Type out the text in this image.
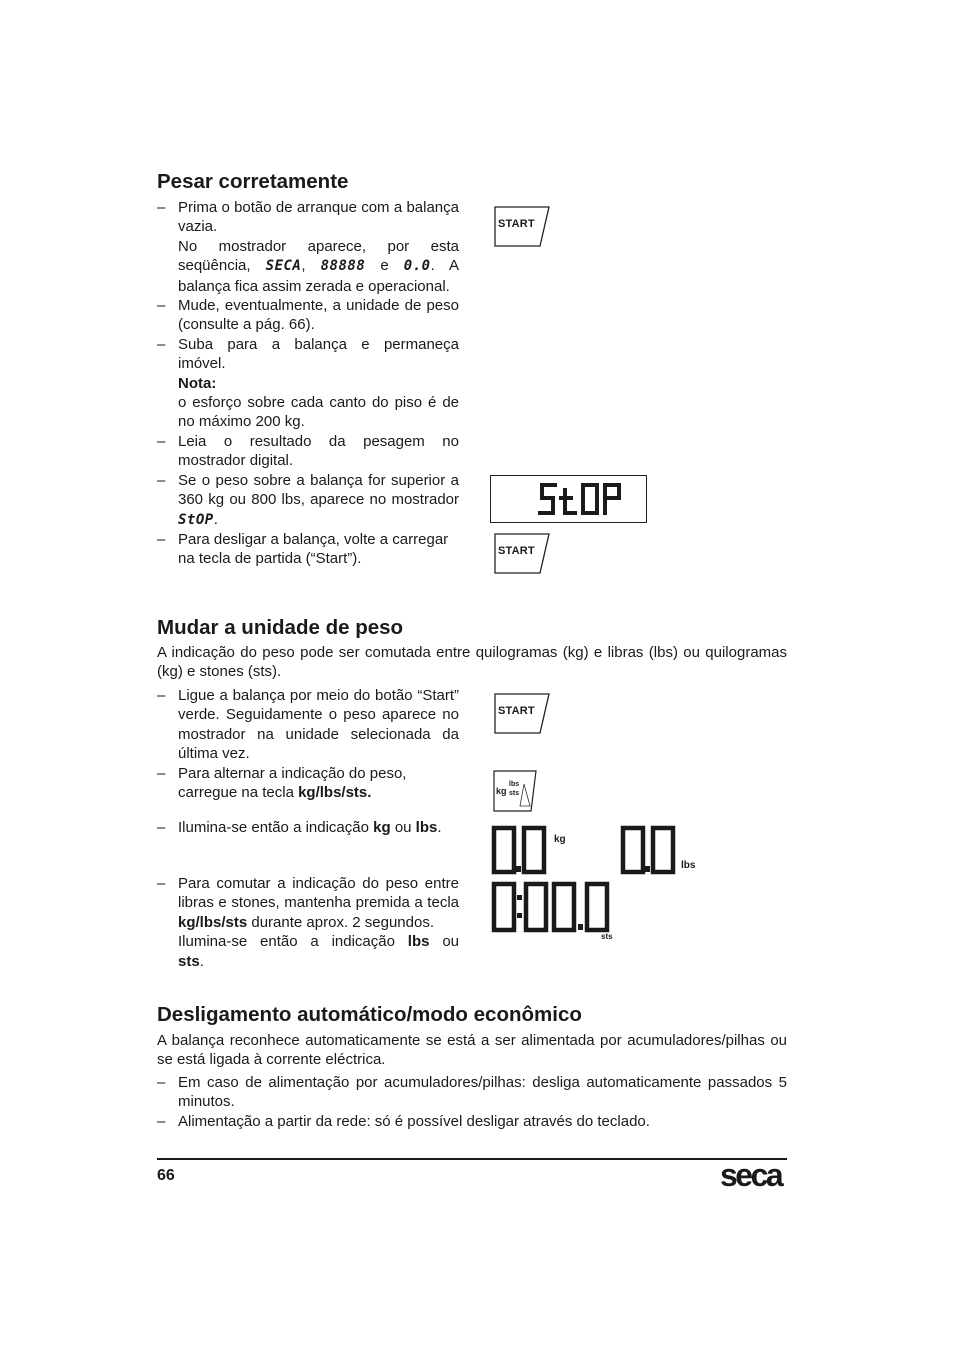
Pesar corretamente
– Prima o botão de arranque com a balança vazia.
No mostrador aparece, por esta seqüência, SECA, 88888 e 0.0. A balança fica assim zerada e operacional.
– Mude, eventualmente, a unidade de peso (consulte a pág. 66).
– Suba para a balança e permaneça imóvel.
Nota:
o esforço sobre cada canto do piso é de no máximo 200 kg.
– Leia o resultado da pesagem no mostrador digital.
– Se o peso sobre a balança for superior a 360 kg ou 800 lbs, aparece no mostrador StOP.
– Para desligar a balança, volte a carregar na tecla de partida (“Start”).
START
START
Mudar a unidade de peso
A indicação do peso pode ser comutada entre quilogramas (kg) e libras (lbs) ou quilogramas (kg) e stones (sts).
– Ligue a balança por meio do botão “Start” verde. Seguidamente o peso aparece no mostrador na unidade selecionada da última vez.
– Para alternar a indicação do peso, carregue na tecla kg/lbs/sts.
– Ilumina-se então a indicação kg ou lbs.
– Para comutar a indicação do peso entre libras e stones, mantenha premida a tecla kg/lbs/sts durante aprox. 2 segundos.
Ilumina-se então a indicação lbs ou
sts.
START
kg
lbs
sts
kg
lbs
sts
Desligamento automático/modo econômico
A balança reconhece automaticamente se está a ser alimentada por acumuladores/pilhas ou se está ligada à corrente eléctrica.
– Em caso de alimentação por acumuladores/pilhas: desliga automaticamente passados 5 minutos.
– Alimentação a partir da rede: só é possível desligar através do teclado.
66	seca
